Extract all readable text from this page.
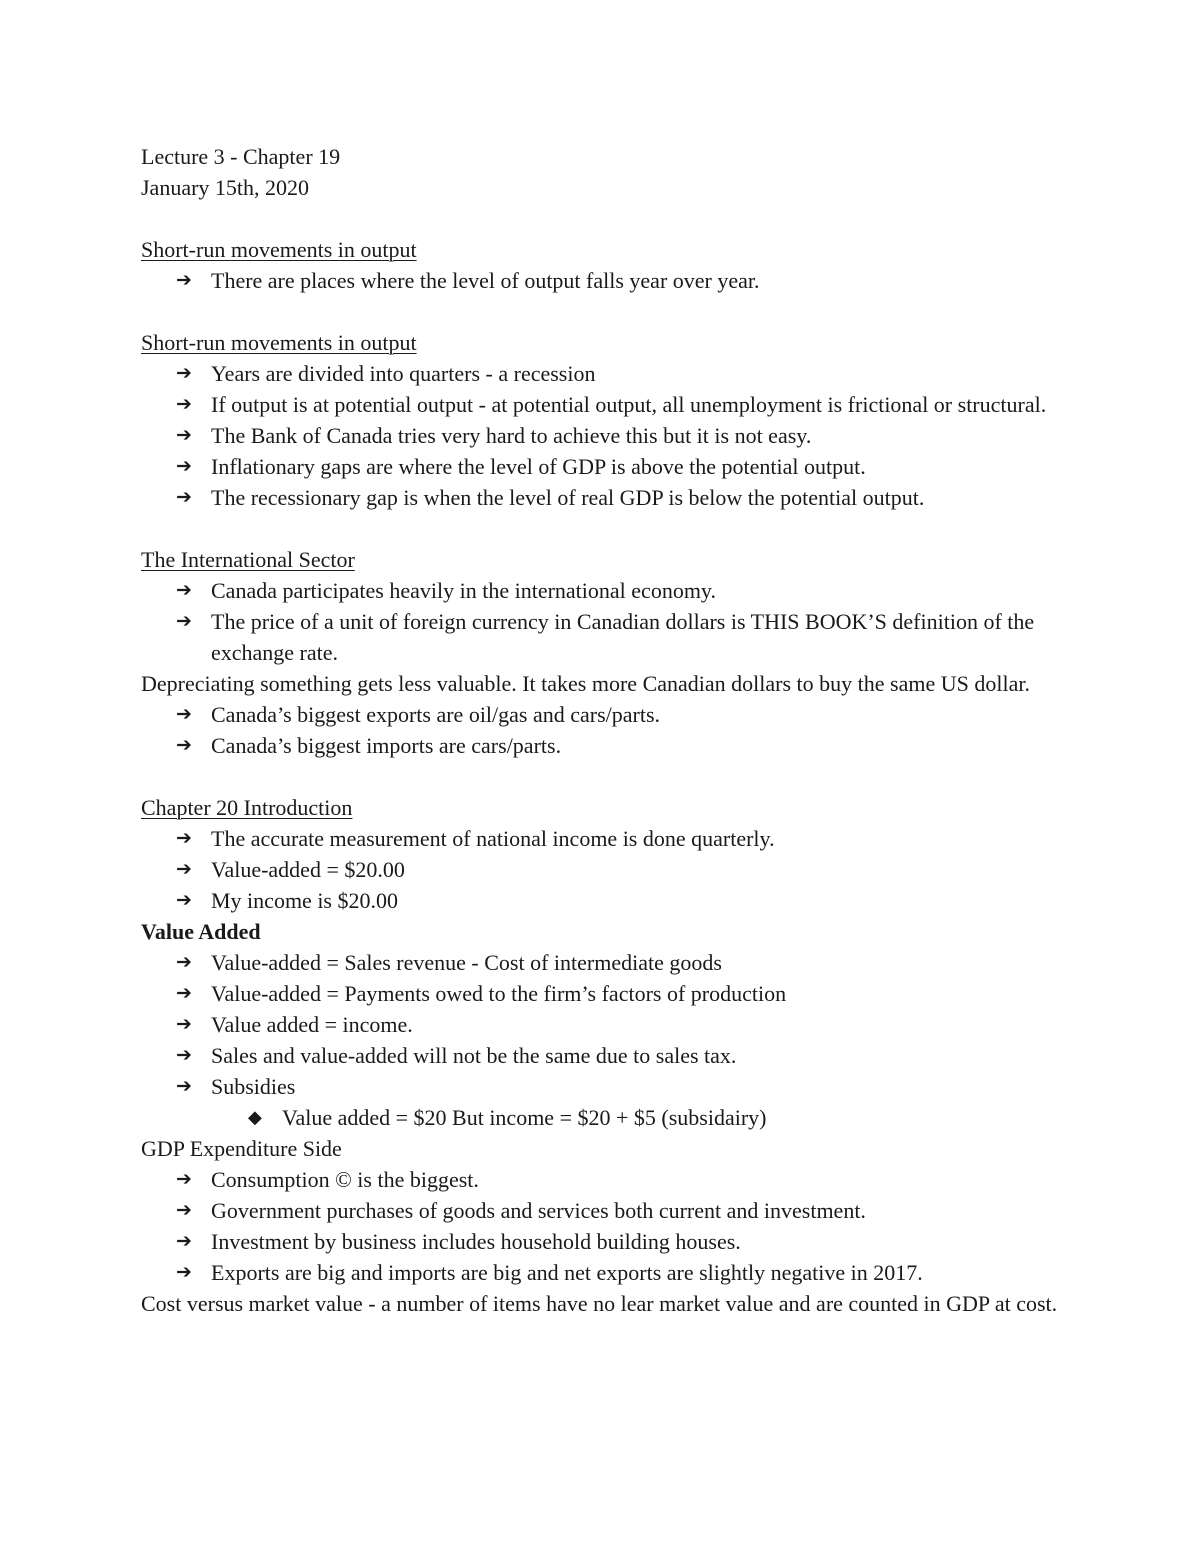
Lecture 3 - Chapter 19

January 15th, 2020

Short-run movements in output

➔ There are places where the level of output falls year over year.

Short-run movements in output

➔ Years are divided into quarters - a recession
➔ If output is at potential output - at potential output, all unemployment is frictional or structural.
➔ The Bank of Canada tries very hard to achieve this but it is not easy.
➔ Inflationary gaps are where the level of GDP is above the potential output.
➔ The recessionary gap is when the level of real GDP is below the potential output.

The International Sector

➔ Canada participates heavily in the international economy.
➔ The price of a unit of foreign currency in Canadian dollars is THIS BOOK’S definition of the exchange rate.

Depreciating something gets less valuable. It takes more Canadian dollars to buy the same US dollar.

➔ Canada’s biggest exports are oil/gas and cars/parts.
➔ Canada’s biggest imports are cars/parts.

Chapter 20 Introduction

➔ The accurate measurement of national income is done quarterly.
➔ Value-added = $20.00
➔ My income is $20.00

Value Added

➔ Value-added = Sales revenue - Cost of intermediate goods
➔ Value-added = Payments owed to the firm’s factors of production
➔ Value added = income.
➔ Sales and value-added will not be the same due to sales tax.
➔ Subsidies
◆ Value added = $20 But income = $20 + $5 (subsidairy)

GDP Expenditure Side

➔ Consumption © is the biggest.
➔ Government purchases of goods and services both current and investment.
➔ Investment by business includes household building houses.
➔ Exports are big and imports are big and net exports are slightly negative in 2017.

Cost versus market value - a number of items have no lear market value and are counted in GDP at cost.
